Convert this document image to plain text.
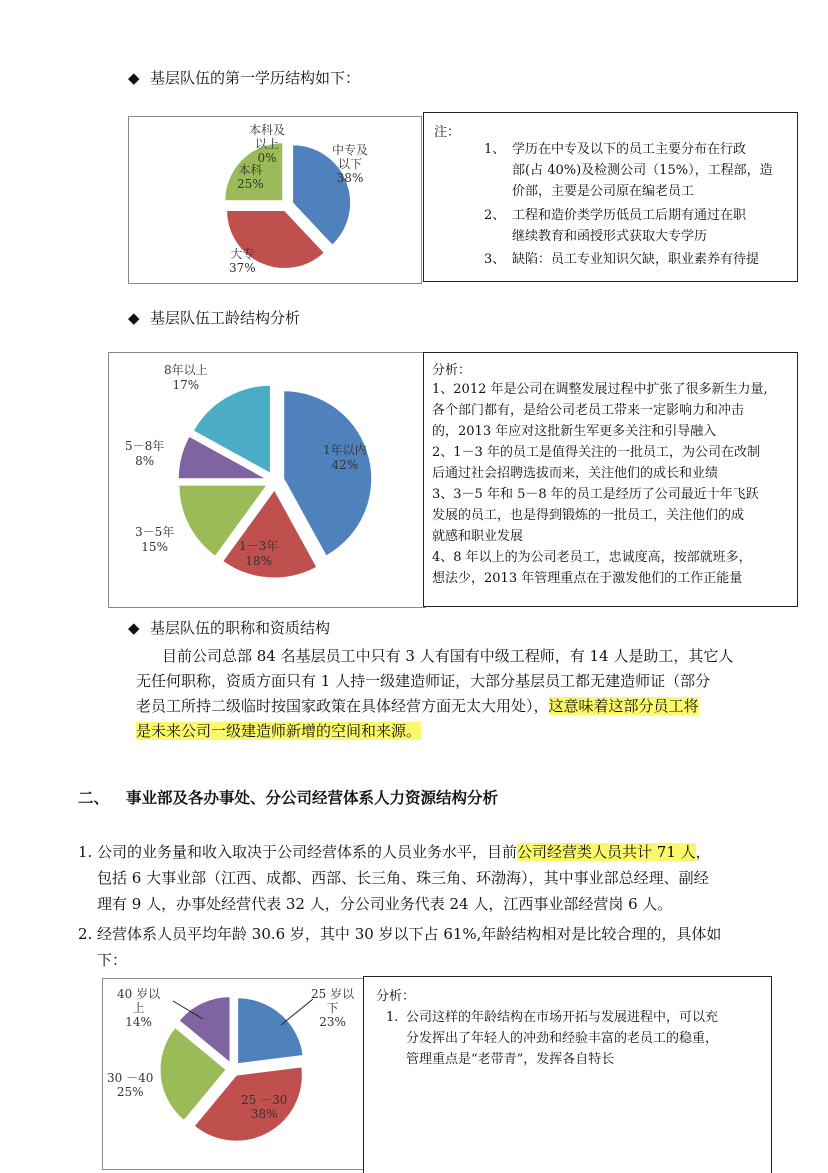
◆ 基层队伍的第一学历结构如下：
本科及
以上
0%
中专及
以下
38%
本科
25%
大专
37%
注：
1、 学历在中专及以下的员工主要分布在行政
部(占 40%)及检测公司（15%），工程部，造
价部，主要是公司原在编老员工
2、 工程和造价类学历低员工后期有通过在职
继续教育和函授形式获取大专学历
3、 缺陷：员工专业知识欠缺，职业素养有待提
◆ 基层队伍工龄结构分析
8年以上
17%
1年以内
42%
5－8年
8%
3－5年
15%	1－3年
18%
分析：
1、2012 年是公司在调整发展过程中扩张了很多新生力量,
各个部门都有，是给公司老员工带来一定影响力和冲击
的，2013 年应对这批新生军更多关注和引导融入
2、1－3 年的员工是值得关注的一批员工，为公司在改制
后通过社会招聘选拔而来，关注他们的成长和业绩
3、3－5 年和 5－8 年的员工是经历了公司最近十年飞跃
发展的员工，也是得到锻炼的一批员工，关注他们的成
就感和职业发展
4、8 年以上的为公司老员工，忠诚度高，按部就班多，
想法少，2013 年管理重点在于激发他们的工作正能量
◆ 基层队伍的职称和资质结构
目前公司总部 84 名基层员工中只有 3 人有国有中级工程师，有 14 人是助工，其它人
无任何职称，资质方面只有 1 人持一级建造师证，大部分基层员工都无建造师证（部分
老员工所持二级临时按国家政策在具体经营方面无太大用处），这意味着这部分员工将
是未来公司一级建造师新增的空间和来源。
二、 事业部及各办事处、分公司经营体系人力资源结构分析
1. 公司的业务量和收入取决于公司经营体系的人员业务水平，目前公司经营类人员共计 71 人，
包括 6 大事业部（江西、成都、西部、长三角、珠三角、环渤海），其中事业部总经理、副经
理有 9 人，办事处经营代表 32 人，分公司业务代表 24 人，江西事业部经营岗 6 人。
2. 经营体系人员平均年龄 30.6 岁，其中 30 岁以下占 61%,年龄结构相对是比较合理的，具体如
下：
40 岁以
上
14%
25 岁以
下
23%
30 －40
25%
25 －30
38%
分析：
1. 公司这样的年龄结构在市场开拓与发展进程中，可以充
分发挥出了年轻人的冲劲和经验丰富的老员工的稳重，
管理重点是“老带青”，发挥各自特长
